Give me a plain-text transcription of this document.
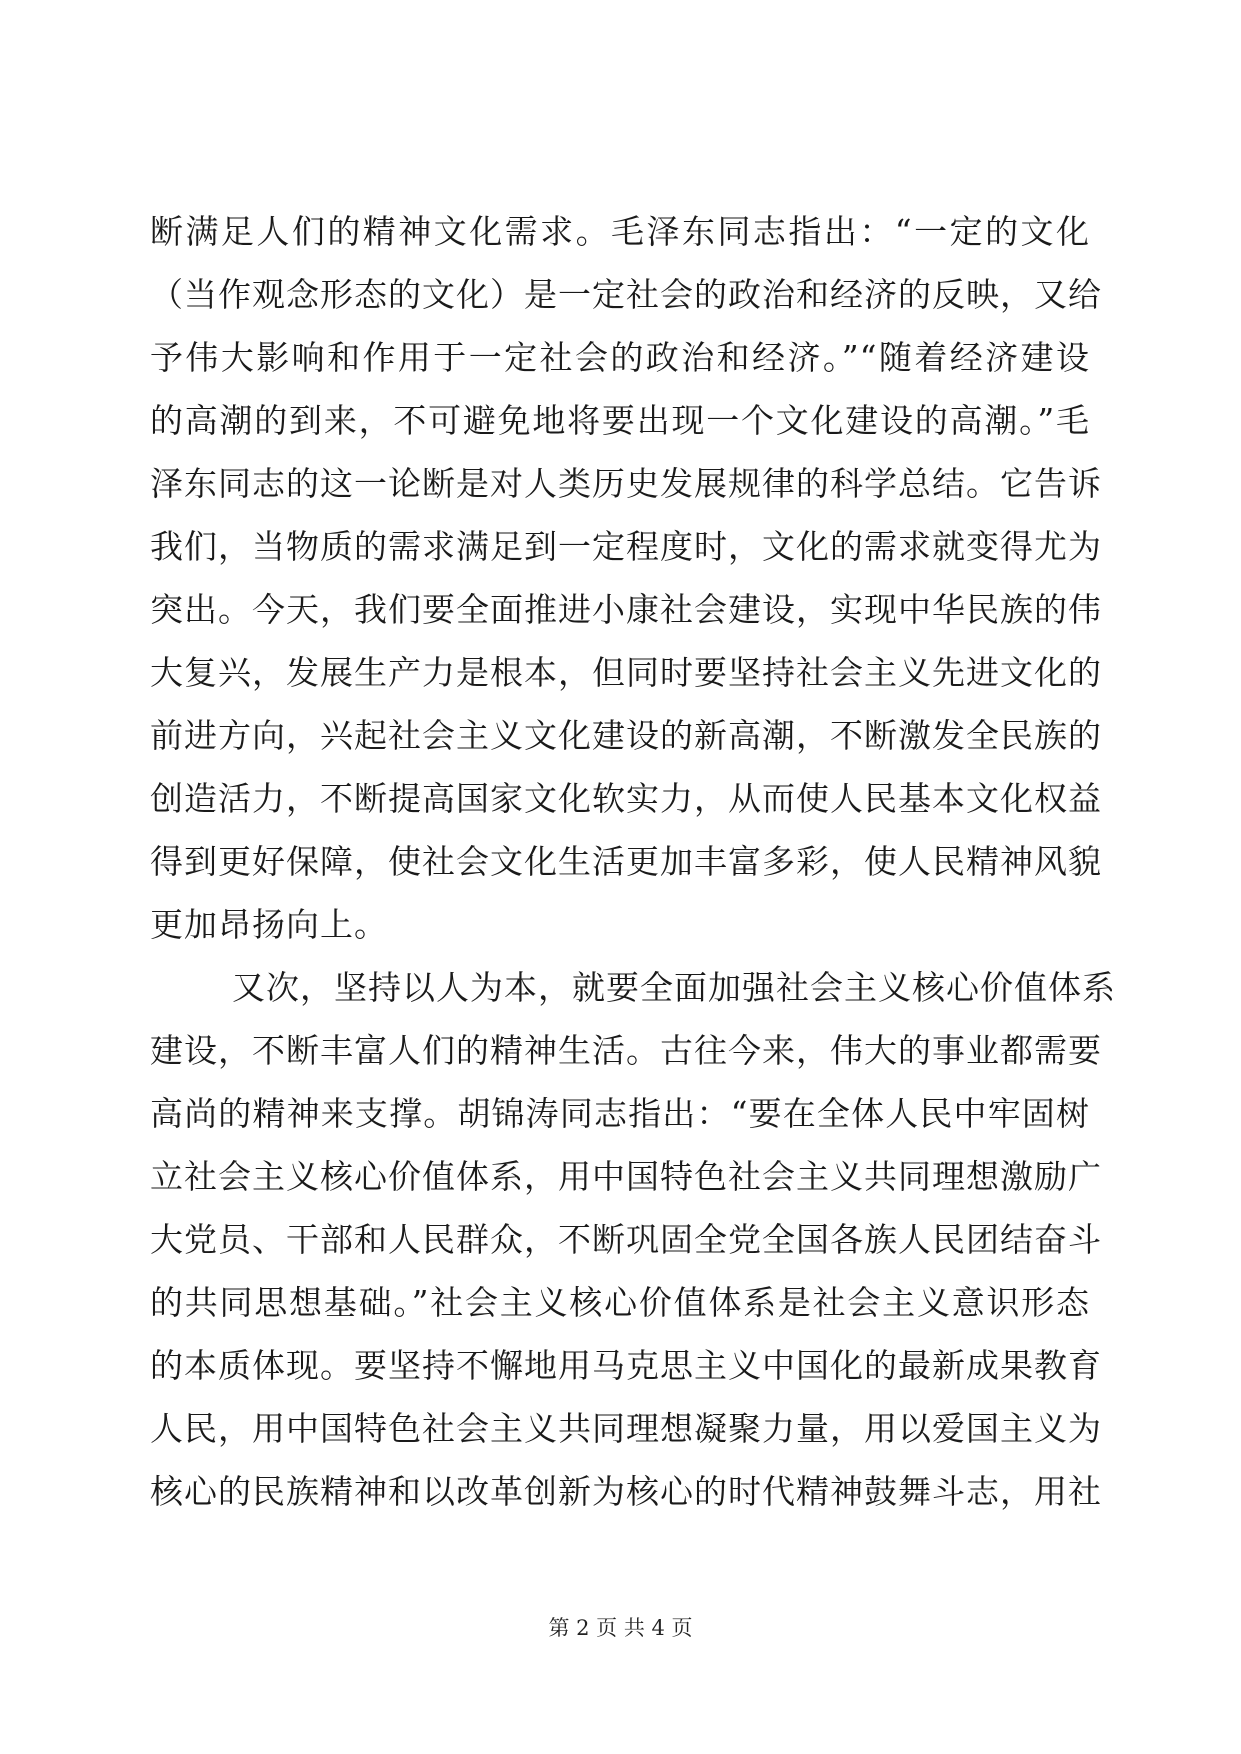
断满足人们的精神文化需求。毛泽东同志指出：“一定的文化
（当作观念形态的文化）是一定社会的政治和经济的反映，又给
予伟大影响和作用于一定社会的政治和经济。”“随着经济建设
的高潮的到来，不可避免地将要出现一个文化建设的高潮。”毛
泽东同志的这一论断是对人类历史发展规律的科学总结。它告诉
我们，当物质的需求满足到一定程度时，文化的需求就变得尤为
突出。今天，我们要全面推进小康社会建设，实现中华民族的伟
大复兴，发展生产力是根本，但同时要坚持社会主义先进文化的
前进方向，兴起社会主义文化建设的新高潮，不断激发全民族的
创造活力，不断提高国家文化软实力，从而使人民基本文化权益
得到更好保障，使社会文化生活更加丰富多彩，使人民精神风貌
更加昂扬向上。
又次，坚持以人为本，就要全面加强社会主义核心价值体系
建设，不断丰富人们的精神生活。古往今来，伟大的事业都需要
高尚的精神来支撑。胡锦涛同志指出：“要在全体人民中牢固树
立社会主义核心价值体系，用中国特色社会主义共同理想激励广
大党员、干部和人民群众，不断巩固全党全国各族人民团结奋斗
的共同思想基础。”社会主义核心价值体系是社会主义意识形态
的本质体现。要坚持不懈地用马克思主义中国化的最新成果教育
人民，用中国特色社会主义共同理想凝聚力量，用以爱国主义为
核心的民族精神和以改革创新为核心的时代精神鼓舞斗志，用社
第 2 页 共 4 页
